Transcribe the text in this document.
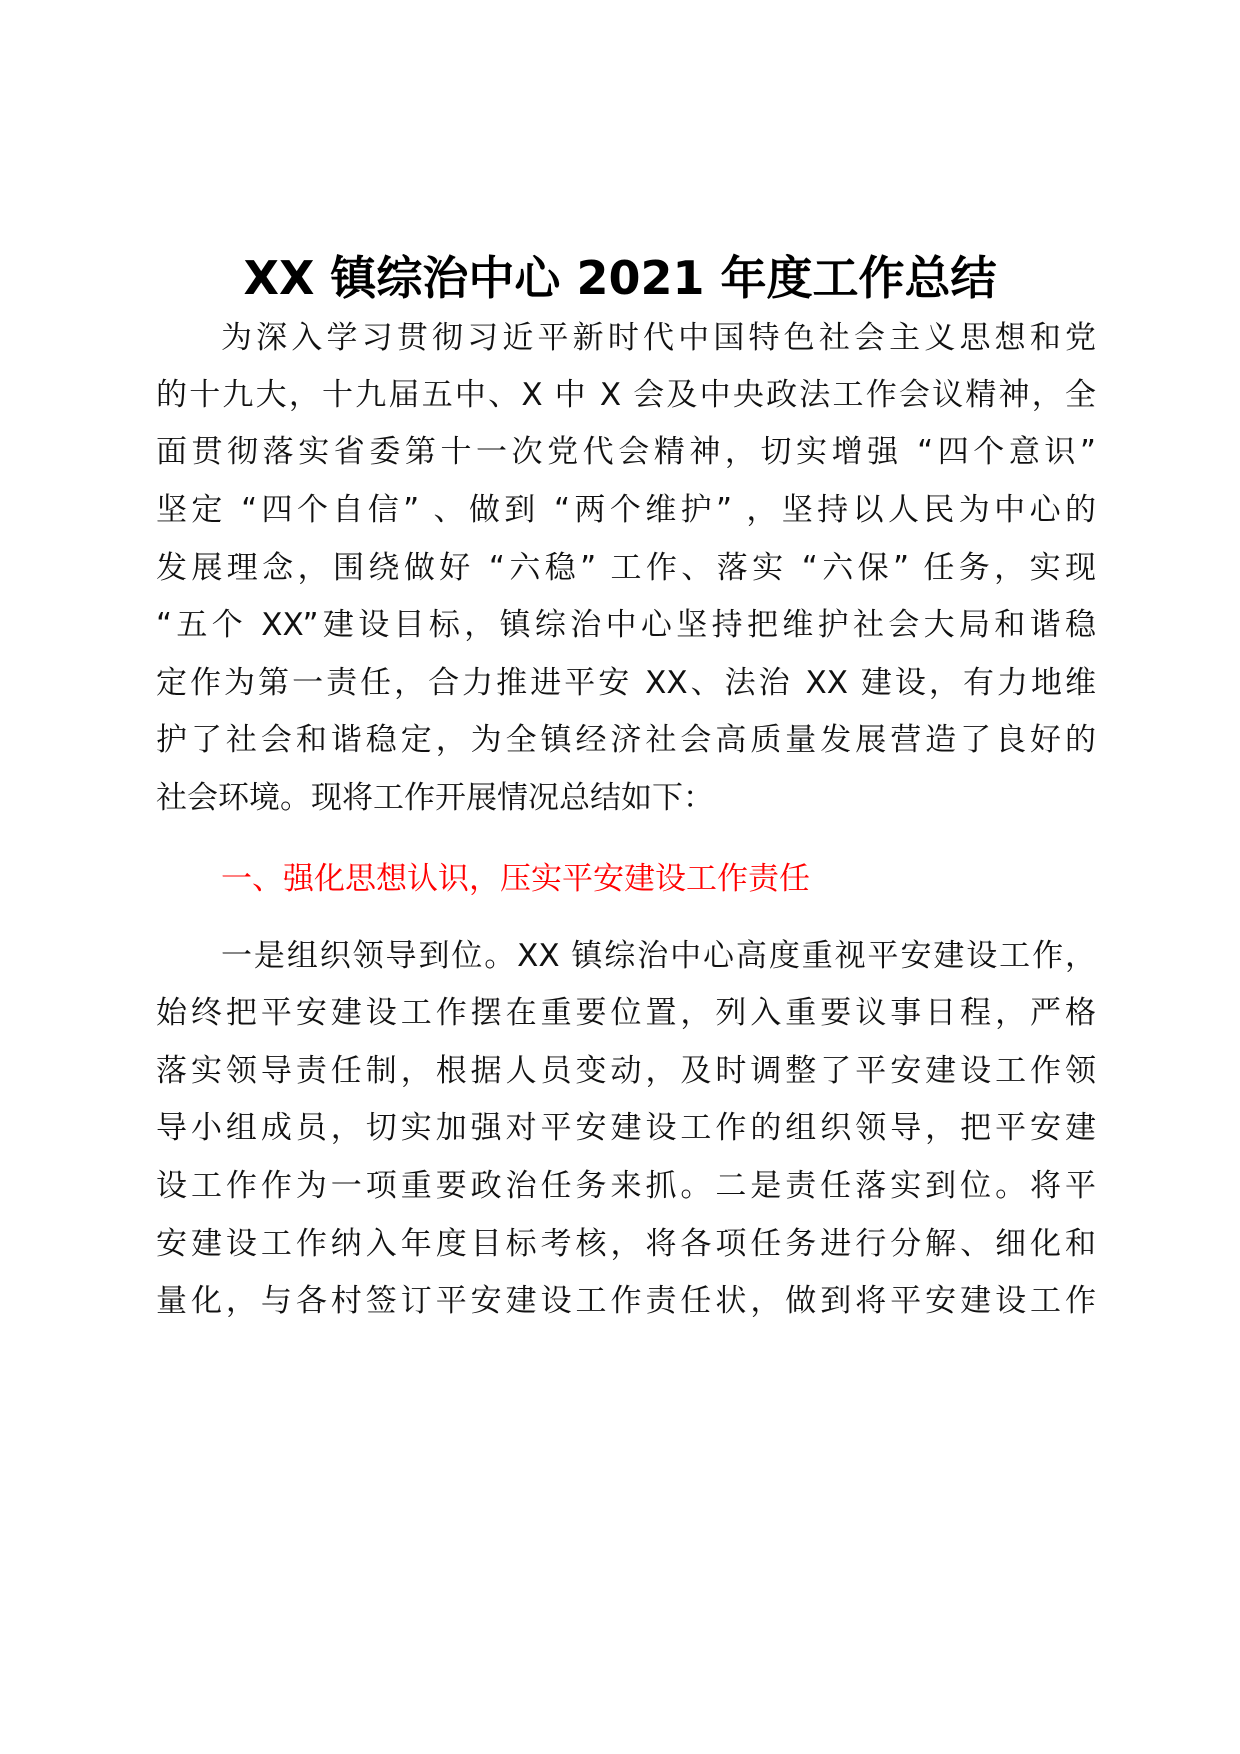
XX 镇综治中心 2021 年度工作总结
为深入学习贯彻习近平新时代中国特色社会主义思想和党
的十九大，十九届五中、X 中 X 会及中央政法工作会议精神，全
面贯彻落实省委第十一次党代会精神，切实增强 “四个意识”
坚定 “四个自信” 、做到 “两个维护” ，坚持以人民为中心的
发展理念，围绕做好 “六稳” 工作、落实 “六保” 任务，实现
“五个 XX”建设目标，镇综治中心坚持把维护社会大局和谐稳
定作为第一责任，合力推进平安 XX、法治 XX 建设，有力地维
护了社会和谐稳定，为全镇经济社会高质量发展营造了良好的
社会环境。现将工作开展情况总结如下：
一、强化思想认识，压实平安建设工作责任
一是组织领导到位。XX 镇综治中心高度重视平安建设工作，
始终把平安建设工作摆在重要位置，列入重要议事日程，严格
落实领导责任制，根据人员变动，及时调整了平安建设工作领
导小组成员，切实加强对平安建设工作的组织领导，把平安建
设工作作为一项重要政治任务来抓。二是责任落实到位。将平
安建设工作纳入年度目标考核，将各项任务进行分解、细化和
量化，与各村签订平安建设工作责任状，做到将平安建设工作
